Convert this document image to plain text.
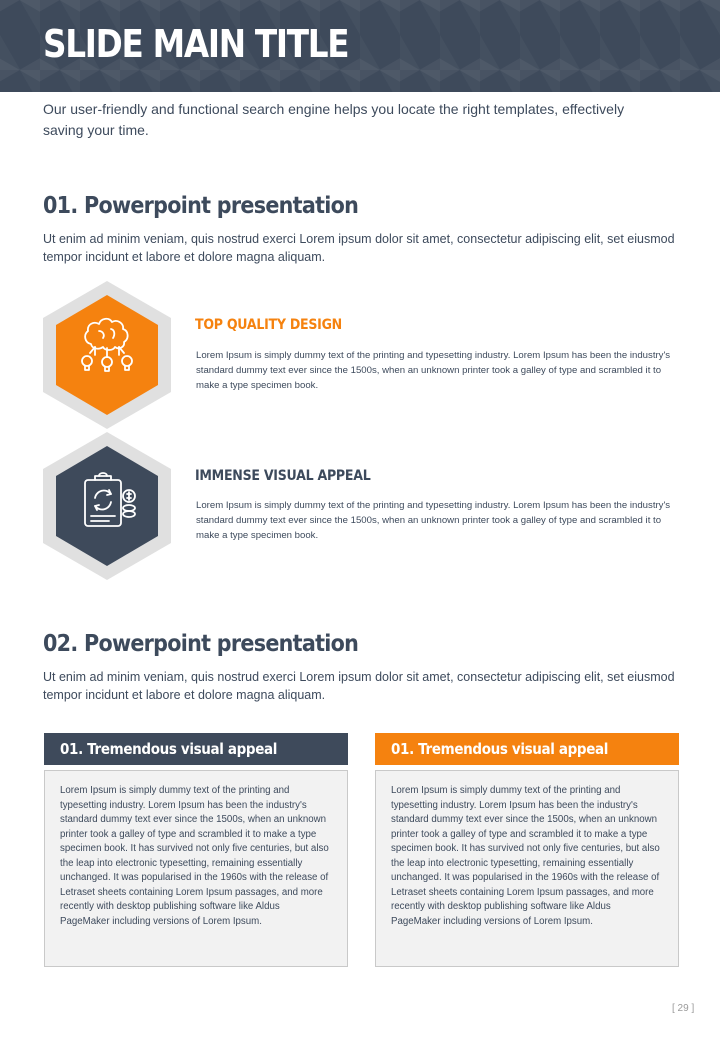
SLIDE MAIN TITLE

Our user-friendly and functional search engine helps you locate the right templates, effectively saving your time.

01. Powerpoint presentation

Ut enim ad minim veniam, quis nostrud exerci Lorem ipsum dolor sit amet, consectetur adipiscing elit, set eiusmod tempor incidunt et labore et dolore magna aliquam.

TOP QUALITY DESIGN

Lorem Ipsum is simply dummy text of the printing and typesetting industry. Lorem Ipsum has been the industry's standard dummy text ever since the 1500s, when an unknown printer took a galley of type and scrambled it to make a type specimen book.

IMMENSE VISUAL APPEAL

Lorem Ipsum is simply dummy text of the printing and typesetting industry. Lorem Ipsum has been the industry's standard dummy text ever since the 1500s, when an unknown printer took a galley of type and scrambled it to make a type specimen book.

02. Powerpoint presentation

Ut enim ad minim veniam, quis nostrud exerci Lorem ipsum dolor sit amet, consectetur adipiscing elit, set eiusmod tempor incidunt et labore et dolore magna aliquam.

01. Tremendous visual appeal

Lorem Ipsum is simply dummy text of the printing and typesetting industry. Lorem Ipsum has been the industry's standard dummy text ever since the 1500s, when an unknown printer took a galley of type and scrambled it to make a type specimen book. It has survived not only five centuries, but also the leap into electronic typesetting, remaining essentially unchanged. It was popularised in the 1960s with the release of Letraset sheets containing Lorem Ipsum passages, and more recently with desktop publishing software like Aldus PageMaker including versions of Lorem Ipsum.

01. Tremendous visual appeal

Lorem Ipsum is simply dummy text of the printing and typesetting industry. Lorem Ipsum has been the industry's standard dummy text ever since the 1500s, when an unknown printer took a galley of type and scrambled it to make a type specimen book. It has survived not only five centuries, but also the leap into electronic typesetting, remaining essentially unchanged. It was popularised in the 1960s with the release of Letraset sheets containing Lorem Ipsum passages, and more recently with desktop publishing software like Aldus PageMaker including versions of Lorem Ipsum.

[ 29 ]
